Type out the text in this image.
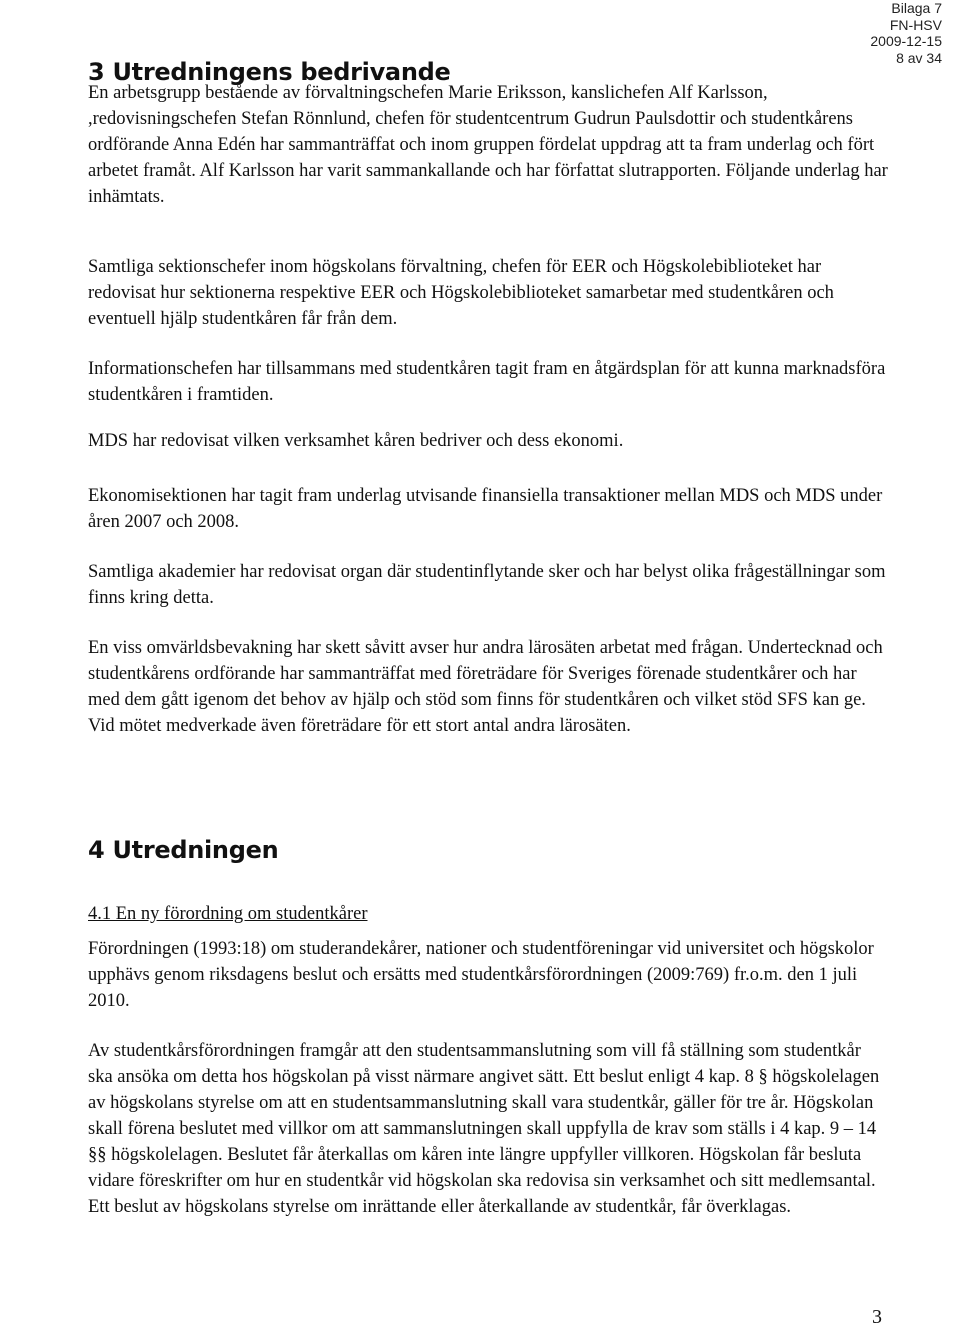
Bilaga 7
FN-HSV
2009-12-15
8 av 34
3 Utredningens bedrivande

En arbetsgrupp bestående av förvaltningschefen Marie Eriksson, kanslichefen Alf Karlsson, ,redovisningschefen Stefan Rönnlund, chefen för studentcentrum Gudrun Paulsdottir och studentkårens ordförande Anna Edén har sammanträffat och inom gruppen fördelat uppdrag att ta fram underlag och fört arbetet framåt. Alf Karlsson har varit sammankallande och har författat slutrapporten. Följande underlag har inhämtats.

Samtliga sektionschefer inom högskolans förvaltning, chefen för EER och Högskolebiblioteket har redovisat hur sektionerna respektive EER och Högskolebiblioteket samarbetar med studentkåren och eventuell hjälp studentkåren får från dem.

Informationschefen har tillsammans med studentkåren tagit fram en åtgärdsplan för att kunna marknadsföra studentkåren i framtiden.

MDS har redovisat vilken verksamhet kåren bedriver och dess ekonomi.

Ekonomisektionen har tagit fram underlag utvisande finansiella transaktioner mellan MDS och MDS under åren 2007 och 2008.

Samtliga akademier har redovisat organ där studentinflytande sker och har belyst olika frågeställningar som finns kring detta.

En viss omvärldsbevakning har skett såvitt avser hur andra lärosäten arbetat med frågan. Undertecknad och studentkårens ordförande har sammanträffat med företrädare för Sveriges förenade studentkårer och har med dem gått igenom det behov av hjälp och stöd som finns för studentkåren och vilket stöd SFS kan ge. Vid mötet medverkade även företrädare för ett stort antal andra lärosäten.

4 Utredningen
4.1 En ny förordning om studentkårer

Förordningen (1993:18) om studerandekårer, nationer och studentföreningar vid universitet och högskolor upphävs genom riksdagens beslut och ersätts med studentkårsförordningen (2009:769) fr.o.m. den 1 juli 2010.

Av studentkårsförordningen framgår att den studentsammanslutning som vill få ställning som studentkår ska ansöka om detta hos högskolan på visst närmare angivet sätt. Ett beslut enligt 4 kap. 8 § högskolelagen av högskolans styrelse om att en studentsammanslutning skall vara studentkår, gäller för tre år. Högskolan skall förena beslutet med villkor om att sammanslutningen skall uppfylla de krav som ställs i 4 kap. 9 – 14 §§ högskolelagen. Beslutet får återkallas om kåren inte längre uppfyller villkoren. Högskolan får besluta vidare föreskrifter om hur en studentkår vid högskolan ska redovisa sin verksamhet och sitt medlemsantal. Ett beslut av högskolans styrelse om inrättande eller återkallande av studentkår, får överklagas.

3
